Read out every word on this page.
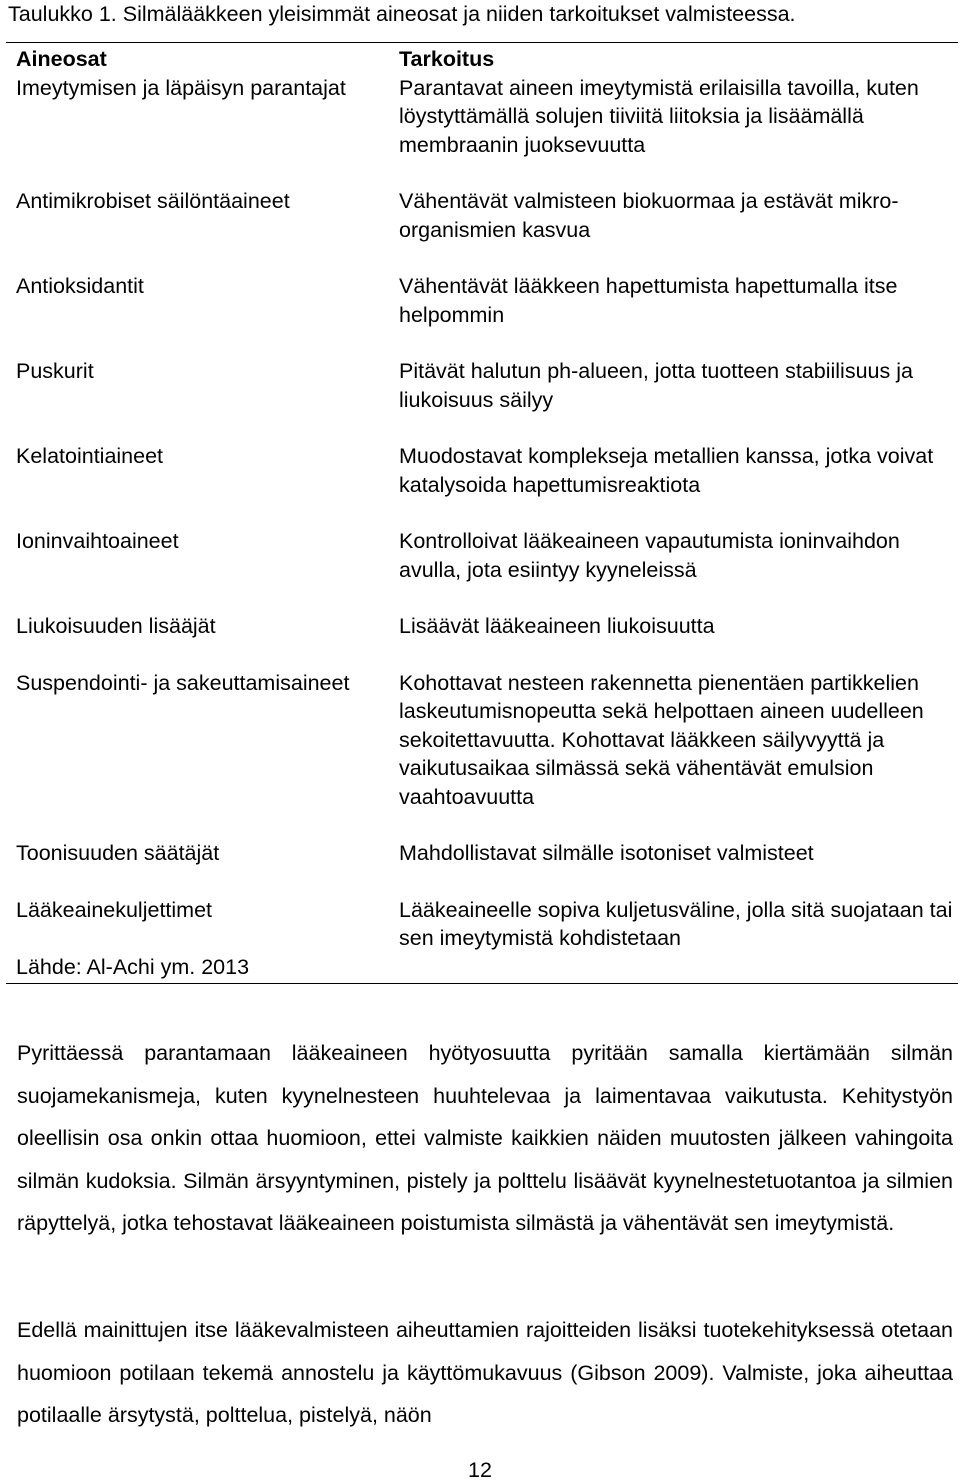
Taulukko 1. Silmälääkkeen yleisimmät aineosat ja niiden tarkoitukset valmisteessa.
Aineosat	Tarkoitus
Imeytymisen ja läpäisyn parantajat	Parantavat aineen imeytymistä erilaisilla tavoilla, kuten löystyttämällä solujen tiiviitä liitoksia ja lisäämällä membraanin juoksevuutta
Antimikrobiset säilöntäaineet	Vähentävät valmisteen biokuormaa ja estävät mikro-organismien kasvua
Antioksidantit	Vähentävät lääkkeen hapettumista hapettumalla itse helpommin
Puskurit	Pitävät halutun ph-alueen, jotta tuotteen stabiilisuus ja liukoisuus säilyy
Kelatointiaineet	Muodostavat komplekseja metallien kanssa, jotka voivat katalysoida hapettumisreaktiota
Ioninvaihtoaineet	Kontrolloivat lääkeaineen vapautumista ioninvaihdon avulla, jota esiintyy kyyneleissä
Liukoisuuden lisääjät	Lisäävät lääkeaineen liukoisuutta
Suspendointi- ja sakeuttamisaineet	Kohottavat nesteen rakennetta pienentäen partikkelien laskeutumisnopeutta sekä helpottaen aineen uudelleen sekoitettavuutta. Kohottavat lääkkeen säilyvyyttä ja vaikutusaikaa silmässä sekä vähentävät emulsion vaahtoavuutta
Toonisuuden säätäjät	Mahdollistavat silmälle isotoniset valmisteet
Lääkeainekuljettimet	Lääkeaineelle sopiva kuljetusväline, jolla sitä suojataan tai sen imeytymistä kohdistetaan
Lähde: Al-Achi ym. 2013
Pyrittäessä parantamaan lääkeaineen hyötyosuutta pyritään samalla kiertämään silmän suojamekanismeja, kuten kyynelnesteen huuhtelevaa ja laimentavaa vaikutusta. Kehitystyön oleellisin osa onkin ottaa huomioon, ettei valmiste kaikkien näiden muutosten jälkeen vahingoita silmän kudoksia. Silmän ärsyyntyminen, pistely ja polttelu lisäävät kyynelnestetuotantoa ja silmien räpyttelyä, jotka tehostavat lääkeaineen poistumista silmästä ja vähentävät sen imeytymistä.
Edellä mainittujen itse lääkevalmisteen aiheuttamien rajoitteiden lisäksi tuotekehityksessä otetaan huomioon potilaan tekemä annostelu ja käyttömukavuus (Gibson 2009). Valmiste, joka aiheuttaa potilaalle ärsytystä, polttelua, pistelyä, näön
12
